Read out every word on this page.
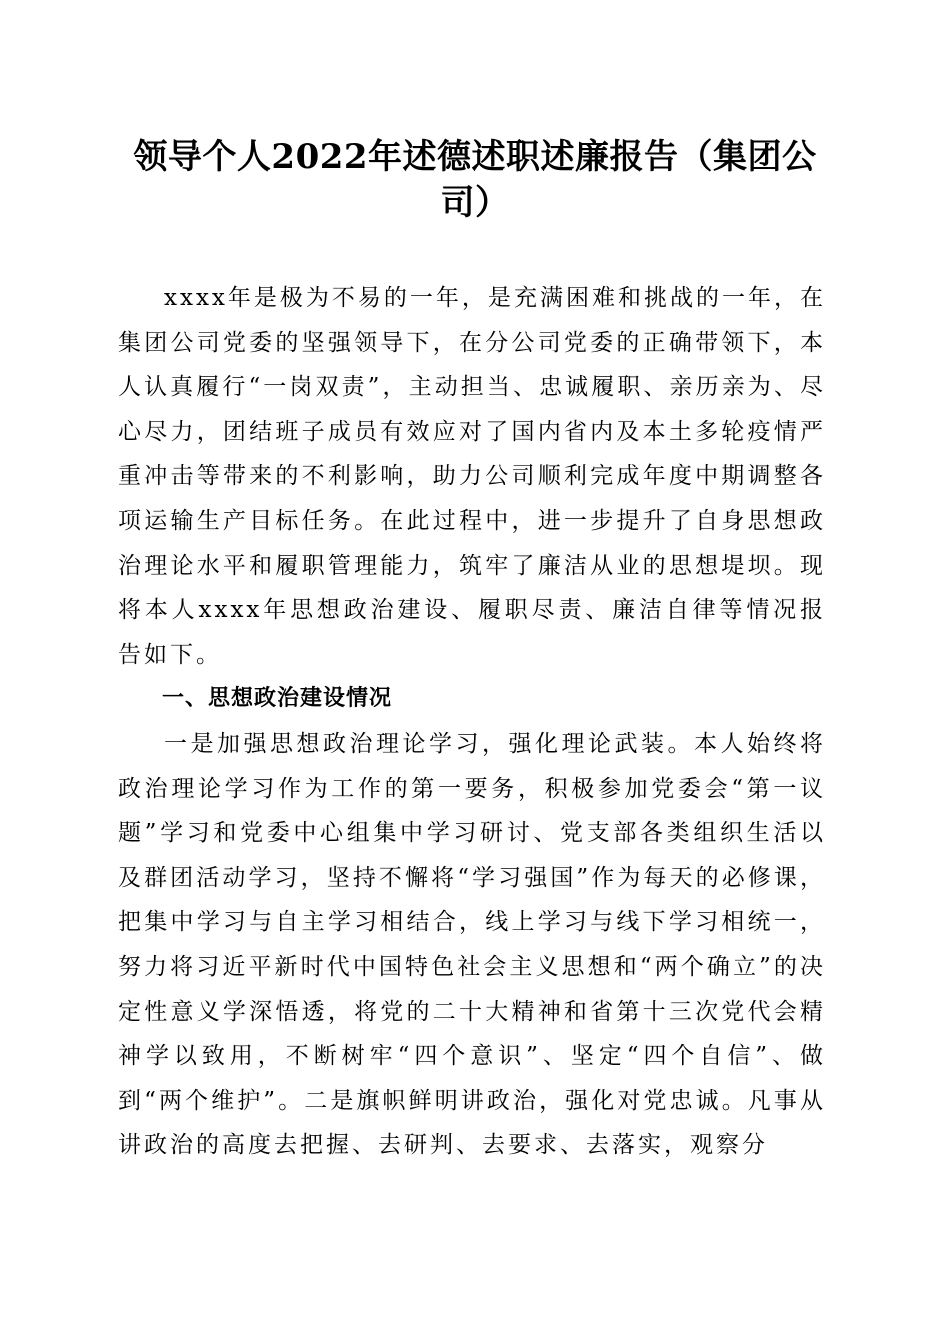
领导个人2022年述德述职述廉报告（集团公司）

xxxx年是极为不易的一年，是充满困难和挑战的一年，在集团公司党委的坚强领导下，在分公司党委的正确带领下，本人认真履行“一岗双责”，主动担当、忠诚履职、亲历亲为、尽心尽力，团结班子成员有效应对了国内省内及本土多轮疫情严重冲击等带来的不利影响，助力公司顺利完成年度中期调整各项运输生产目标任务。在此过程中，进一步提升了自身思想政治理论水平和履职管理能力，筑牢了廉洁从业的思想堤坝。现将本人xxxx年思想政治建设、履职尽责、廉洁自律等情况报告如下。

一、思想政治建设情况

一是加强思想政治理论学习，强化理论武装。本人始终将政治理论学习作为工作的第一要务，积极参加党委会“第一议题”学习和党委中心组集中学习研讨、党支部各类组织生活以及群团活动学习，坚持不懈将“学习强国”作为每天的必修课，把集中学习与自主学习相结合，线上学习与线下学习相统一，努力将习近平新时代中国特色社会主义思想和“两个确立”的决定性意义学深悟透，将党的二十大精神和省第十三次党代会精神学以致用，不断树牢“四个意识”、坚定“四个自信”、做到“两个维护”。二是旗帜鲜明讲政治，强化对党忠诚。凡事从讲政治的高度去把握、去研判、去要求、去落实，观察分
